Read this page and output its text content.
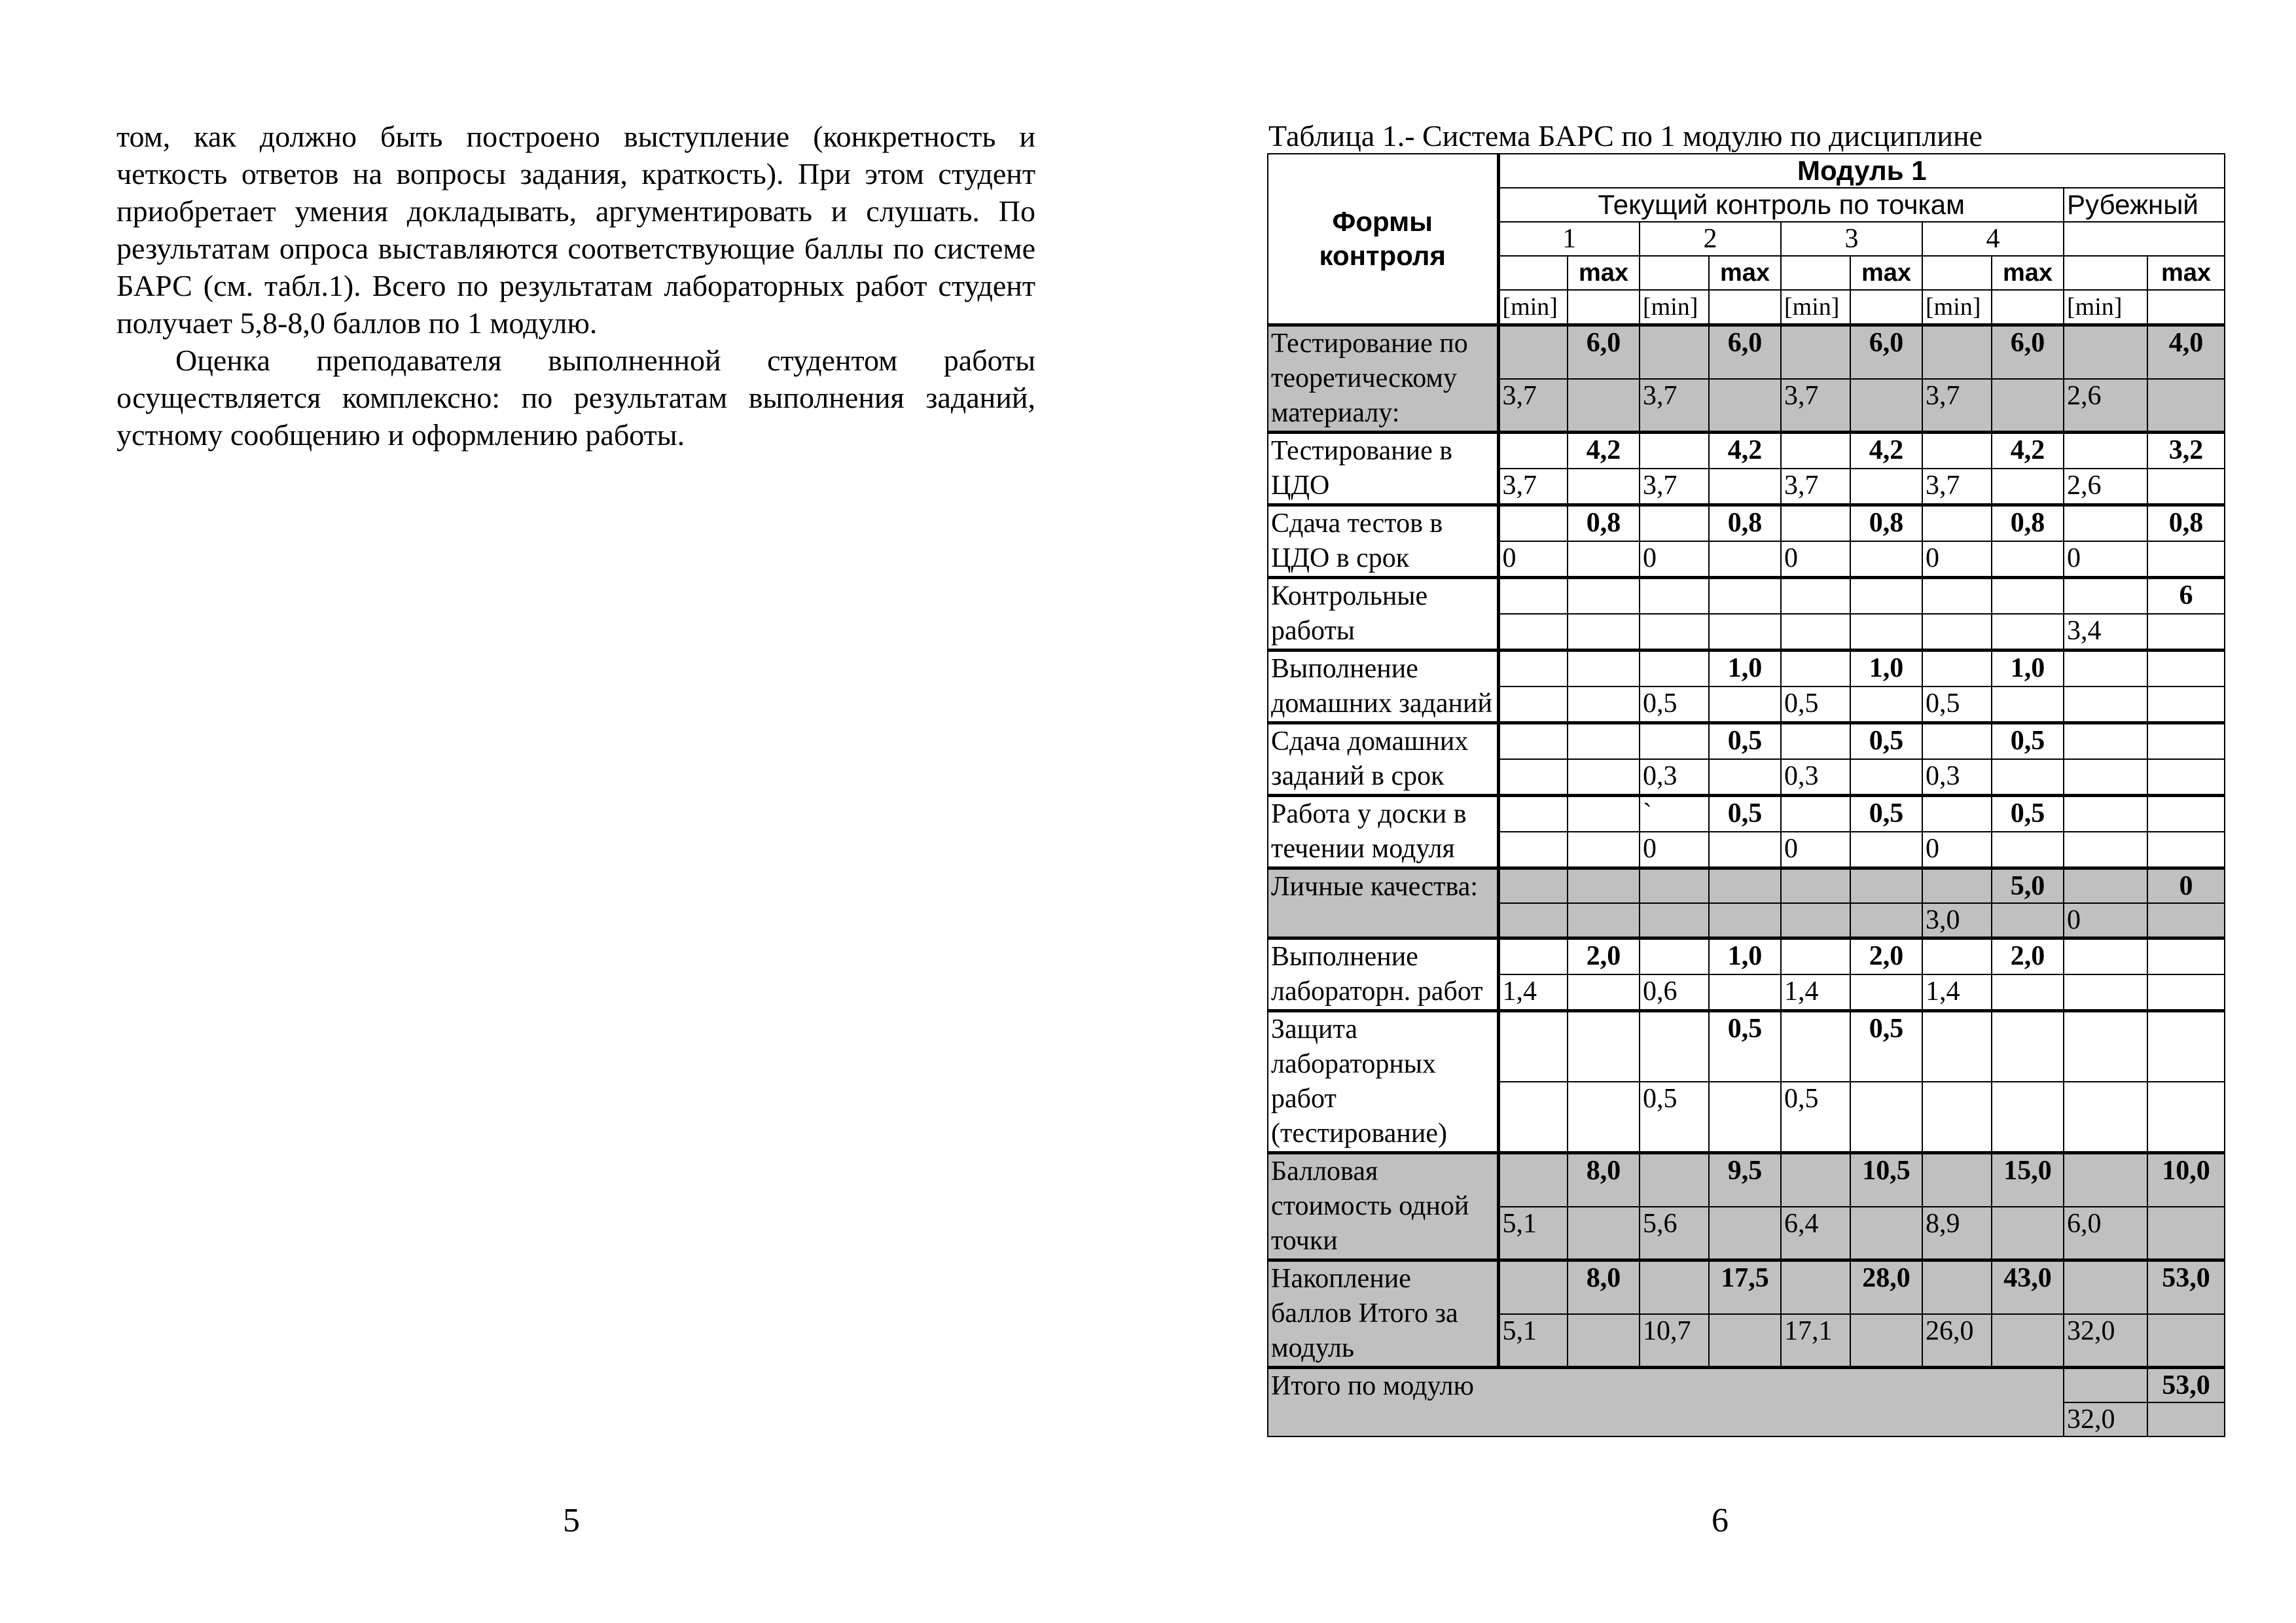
том, как должно быть построено выступление (конкретность и четкость ответов на вопросы задания, краткость). При этом студент приобретает умения докладывать, аргументировать и слушать. По результатам опроса выставляются соответствующие баллы по системе БАРС (см. табл.1). Всего по результатам лабораторных работ студент получает 5,8-8,0 баллов по 1 модулю.

Оценка преподавателя выполненной студентом работы осуществляется комплексно: по результатам выполнения заданий, устному сообщению и оформлению работы.

5
Таблица 1.- Система БАРС по 1 модулю по дисциплине
Формы контроля	Модуль 1									
	Текущий контроль по точкам								Рубежный	
	1		2		3		4			
		max		max		max		max		max
	[min]		[min]		[min]		[min]		[min]	
Тестирование по теоретическому материалу:		6,0		6,0		6,0		6,0		4,0
	3,7		3,7		3,7		3,7		2,6	
Тестирование в ЦДО		4,2		4,2		4,2		4,2		3,2
	3,7		3,7		3,7		3,7		2,6	
Сдача тестов в ЦДО в срок		0,8		0,8		0,8		0,8		0,8
	0		0		0		0		0	
Контрольные работы										6
									3,4	
Выполнение домашних заданий				1,0		1,0		1,0		
			0,5		0,5		0,5			
Сдача домашних заданий в срок				0,5		0,5		0,5		
			0,3		0,3		0,3			
Работа у доски в течении модуля			`	0,5		0,5		0,5		
			0		0		0			
Личные качества:								5,0		0
							3,0		0	
Выполнение лабораторн. работ		2,0		1,0		2,0		2,0		
	1,4		0,6		1,4		1,4			
Защита лабораторных работ (тестирование)				0,5		0,5				
			0,5		0,5					
Балловая стоимость одной точки		8,0		9,5		10,5		15,0		10,0
	5,1		5,6		6,4		8,9		6,0	
Накопление баллов Итого за модуль		8,0		17,5		28,0		43,0		53,0
	5,1		10,7		17,1		26,0		32,0	
Итого по модулю										53,0
									32,0	
6
